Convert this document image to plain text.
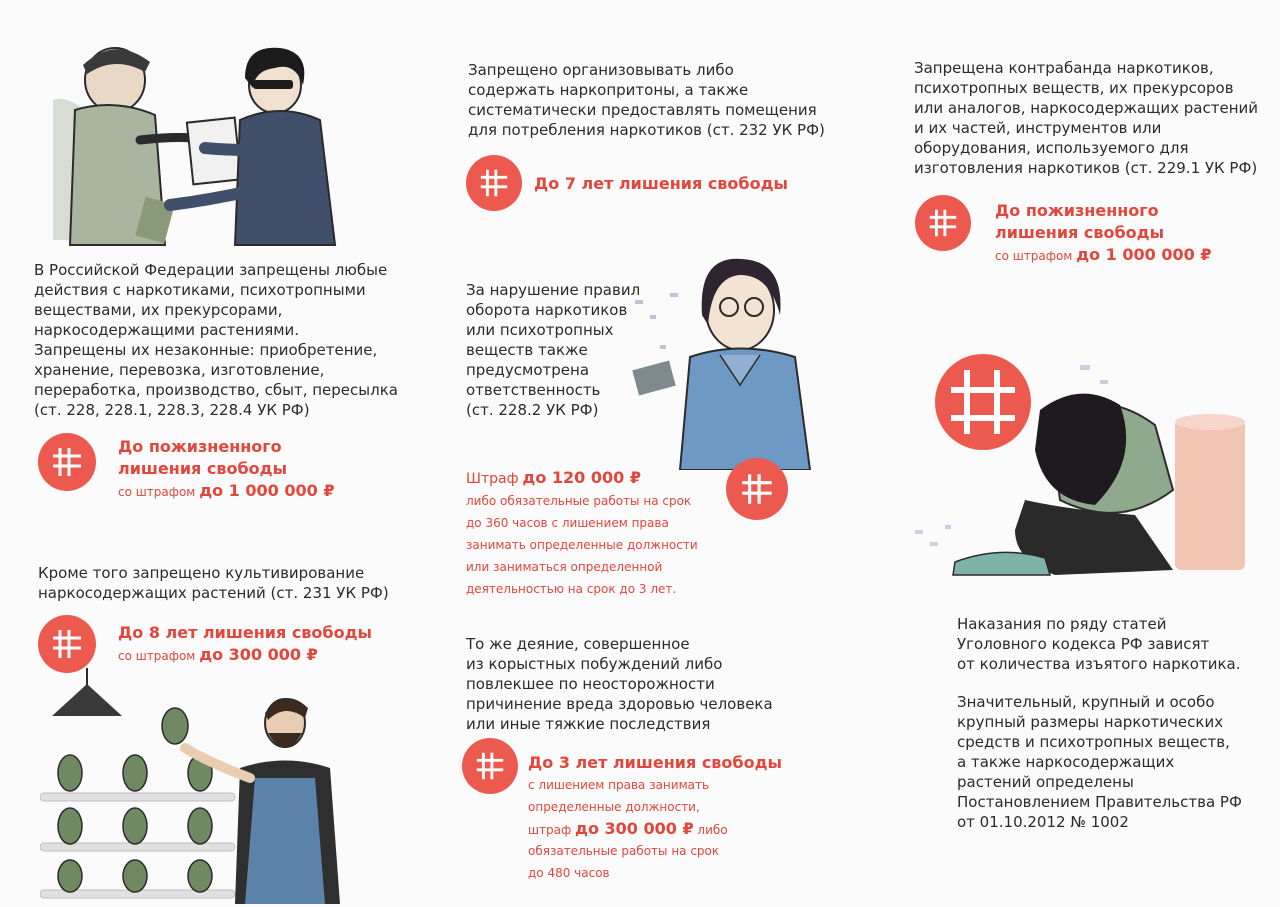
В Российской Федерации запрещены любые
действия с наркотиками, психотропными
веществами, их прекурсорами,
наркосодержащими растениями.
Запрещены их незаконные: приобретение,
хранение, перевозка, изготовление,
переработка, производство, сбыт, пересылка
(ст. 228, 228.1, 228.3, 228.4 УК РФ)
До пожизненного
лишения свободы
со штрафом до 1 000 000 ₽
Кроме того запрещено культивирование
наркосодержащих растений (ст. 231 УК РФ)
До 8 лет лишения свободы
со штрафом до 300 000 ₽
Запрещено организовывать либо
содержать наркопритоны, а также
систематически предоставлять помещения
для потребления наркотиков (ст. 232 УК РФ)
До 7 лет лишения свободы
За нарушение правил
оборота наркотиков
или психотропных
веществ также
предусмотрена
ответственность
(ст. 228.2 УК РФ)
Штраф до 120 000 ₽
либо обязательные работы на срок
до 360 часов с лишением права
занимать определенные должности
или заниматься определенной
деятельностью на срок до 3 лет.
То же деяние, совершенное
из корыстных побуждений либо
повлекшее по неосторожности
причинение вреда здоровью человека
или иные тяжкие последствия
До 3 лет лишения свободы
с лишением права занимать
определенные должности,
штраф до 300 000 ₽ либо
обязательные работы на срок
до 480 часов
Запрещена контрабанда наркотиков,
психотропных веществ, их прекурсоров
или аналогов, наркосодержащих растений
и их частей, инструментов или
оборудования, используемого для
изготовления наркотиков (ст. 229.1 УК РФ)
До пожизненного
лишения свободы
со штрафом до 1 000 000 ₽
Наказания по ряду статей
Уголовного кодекса РФ зависят
от количества изъятого наркотика.
Значительный, крупный и особо
крупный размеры наркотических
средств и психотропных веществ,
а также наркосодержащих
растений определены
Постановлением Правительства РФ
от 01.10.2012 № 1002
